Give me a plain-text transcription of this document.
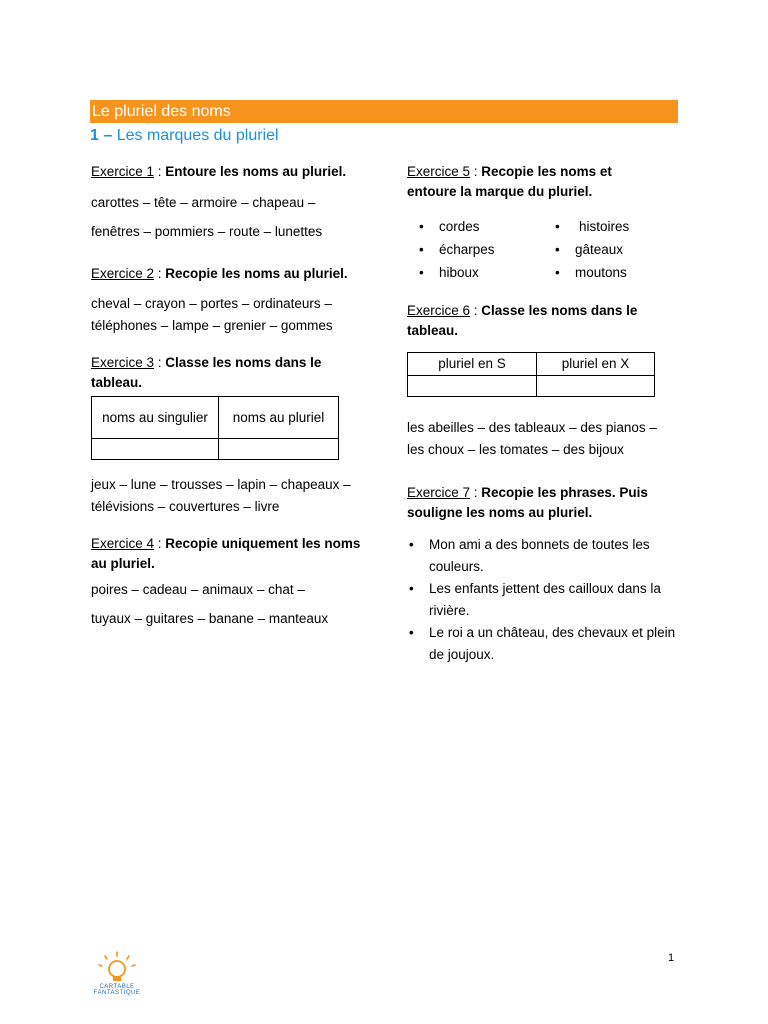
Le pluriel des noms
1 – Les marques du pluriel

Exercice 1 : Entoure les noms au pluriel.

carottes – tête – armoire – chapeau –

fenêtres – pommiers – route – lunettes

Exercice 2 : Recopie les noms au pluriel.

cheval – crayon – portes – ordinateurs – téléphones – lampe – grenier – gommes

Exercice 3 : Classe les noms dans le tableau.

noms au singulier	noms au pluriel

jeux – lune – trousses – lapin – chapeaux – télévisions – couvertures – livre

Exercice 4 : Recopie uniquement les noms au pluriel.

poires – cadeau – animaux – chat –

tuyaux – guitares – banane – manteaux

Exercice 5 : Recopie les noms et entoure la marque du pluriel.

• cordes
• écharpes
• hiboux
• histoires
• gâteaux
• moutons

Exercice 6 : Classe les noms dans le tableau.

pluriel en S	pluriel en X

les abeilles – des tableaux – des pianos – les choux – les tomates – des bijoux

Exercice 7 : Recopie les phrases. Puis souligne les noms au pluriel.

• Mon ami a des bonnets de toutes les couleurs.
• Les enfants jettent des cailloux dans la rivière.
• Le roi a un château, des chevaux et plein de joujoux.
1
CARTABLE
FANTASTIQUE
